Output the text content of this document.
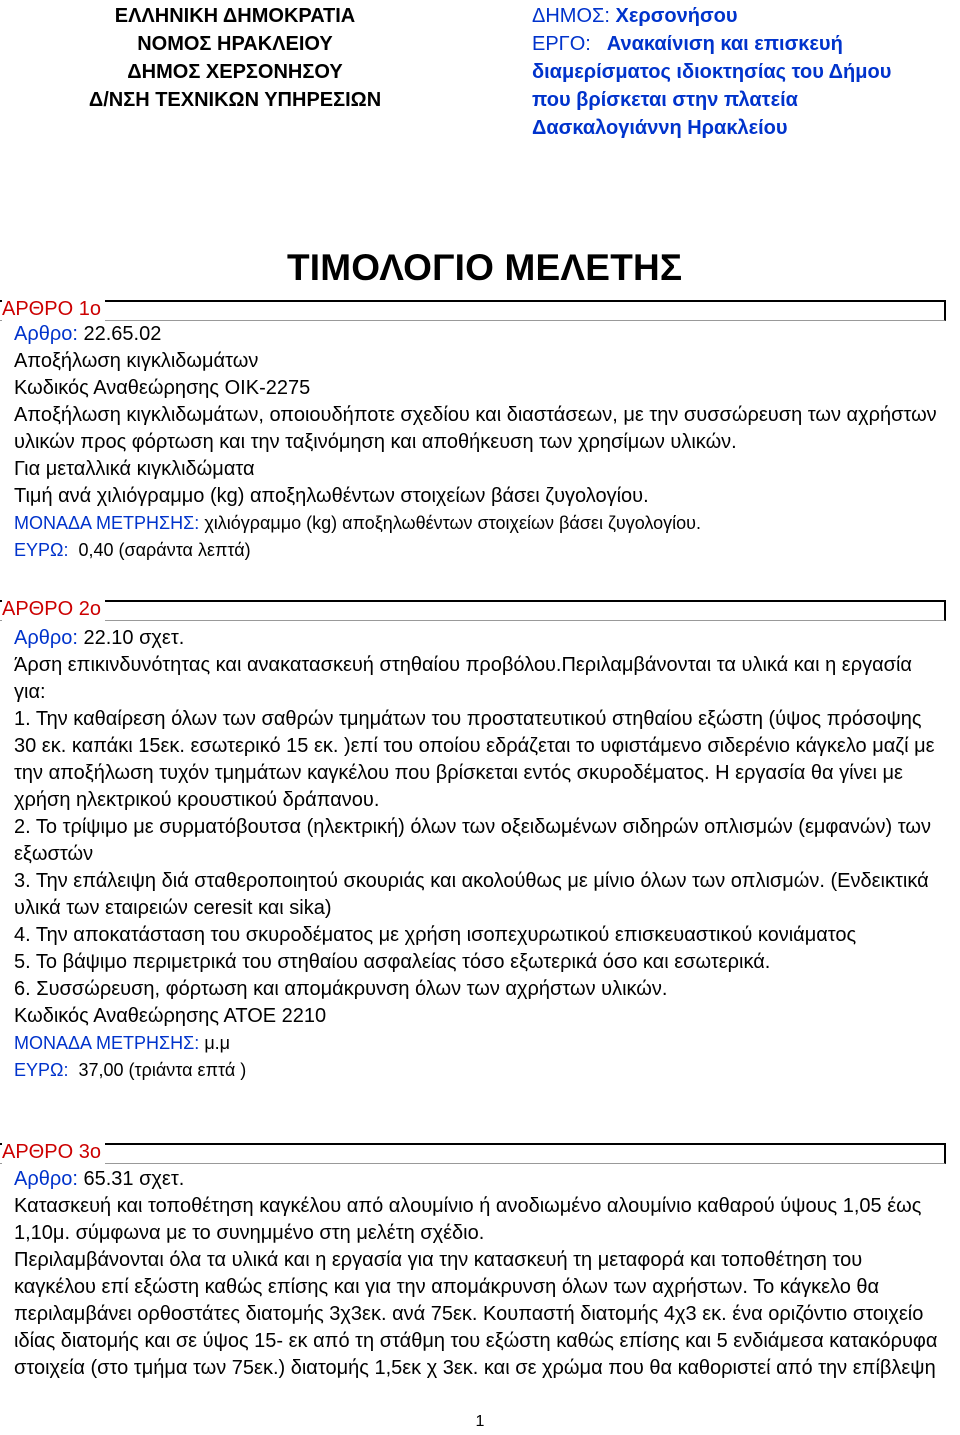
ΕΛΛΗΝΙΚΗ ΔΗΜΟΚΡΑΤΙΑ
ΝΟΜΟΣ ΗΡΑΚΛΕΙΟΥ
ΔΗΜΟΣ ΧΕΡΣΟΝΗΣΟΥ
Δ/ΝΣΗ ΤΕΧΝΙΚΩΝ ΥΠΗΡΕΣΙΩΝ
ΔΗΜΟΣ: Χερσονήσου
ΕΡΓΟ: Ανακαίνιση και επισκευή
διαμερίσματος ιδιοκτησίας του Δήμου
που βρίσκεται στην πλατεία
Δασκαλογιάννη Ηρακλείου
ΤΙΜΟΛΟΓΙΟ ΜΕΛΕΤΗΣ
ΑΡΘΡΟ 1ο

Αρθρο: 22.65.02

Αποξήλωση κιγκλιδωμάτων

Κωδικός Αναθεώρησης ΟΙΚ-2275

Αποξήλωση κιγκλιδωμάτων, οποιουδήποτε σχεδίου και διαστάσεων, με την συσσώρευση των αχρήστων υλικών προς φόρτωση και την ταξινόμηση και αποθήκευση των χρησίμων υλικών.

Για μεταλλικά κιγκλιδώματα

Τιμή ανά χιλιόγραμμο (kg) αποξηλωθέντων στοιχείων βάσει ζυγολογίου.

ΜΟΝΑΔΑ ΜΕΤΡΗΣΗΣ: χιλιόγραμμο (kg) αποξηλωθέντων στοιχείων βάσει ζυγολογίου.

ΕΥΡΩ: 0,40 (σαράντα λεπτά)

ΑΡΘΡΟ 2ο

Αρθρο: 22.10 σχετ.

Άρση επικινδυνότητας και ανακατασκευή στηθαίου προβόλου.Περιλαμβάνονται τα υλικά και η εργασία για:

1. Την καθαίρεση όλων των σαθρών τμημάτων του προστατευτικού στηθαίου εξώστη (ύψος πρόσοψης 30 εκ. καπάκι 15εκ. εσωτερικό 15 εκ. )επί του οποίου εδράζεται το υφιστάμενο σιδερένιο κάγκελο μαζί με την αποξήλωση τυχόν τμημάτων καγκέλου που βρίσκεται εντός σκυροδέματος. Η εργασία θα γίνει με χρήση ηλεκτρικού κρουστικού δράπανου.

2. Το τρίψιμο με συρματόβουτσα (ηλεκτρική) όλων των οξειδωμένων σιδηρών οπλισμών (εμφανών) των εξωστών

3. Την επάλειψη διά σταθεροποιητού σκουριάς και ακολούθως με μίνιο όλων των οπλισμών. (Ενδεικτικά υλικά των εταιρειών ceresit και sika)

4. Την αποκατάσταση του σκυροδέματος με χρήση ισοπεχυρωτικού επισκευαστικού κονιάματος

5. Το βάψιμο περιμετρικά του στηθαίου ασφαλείας τόσο εξωτερικά όσο και εσωτερικά.

6. Συσσώρευση, φόρτωση και απομάκρυνση όλων των αχρήστων υλικών.

Κωδικός Αναθεώρησης ΑΤΟΕ 2210

ΜΟΝΑΔΑ ΜΕΤΡΗΣΗΣ: μ.μ

ΕΥΡΩ: 37,00 (τριάντα επτά )

ΑΡΘΡΟ 3ο

Αρθρο: 65.31 σχετ.

Κατασκευή και τοποθέτηση καγκέλου από αλουμίνιο ή ανοδιωμένο αλουμίνιο καθαρού ύψους 1,05 έως 1,10μ. σύμφωνα με το συνημμένο στη μελέτη σχέδιο.

Περιλαμβάνονται όλα τα υλικά και η εργασία για την κατασκευή τη μεταφορά και τοποθέτηση του καγκέλου επί εξώστη καθώς επίσης και για την απομάκρυνση όλων των αχρήστων. Το κάγκελο θα περιλαμβάνει ορθοστάτες διατομής 3χ3εκ. ανά 75εκ. Κουπαστή διατομής 4χ3 εκ. ένα οριζόντιο στοιχείο ιδίας διατομής και σε ύψος 15- εκ από τη στάθμη του εξώστη καθώς επίσης και 5 ενδιάμεσα κατακόρυφα στοιχεία (στο τμήμα των 75εκ.) διατομής 1,5εκ χ 3εκ. και σε χρώμα που θα καθοριστεί από την επίβλεψη

1
